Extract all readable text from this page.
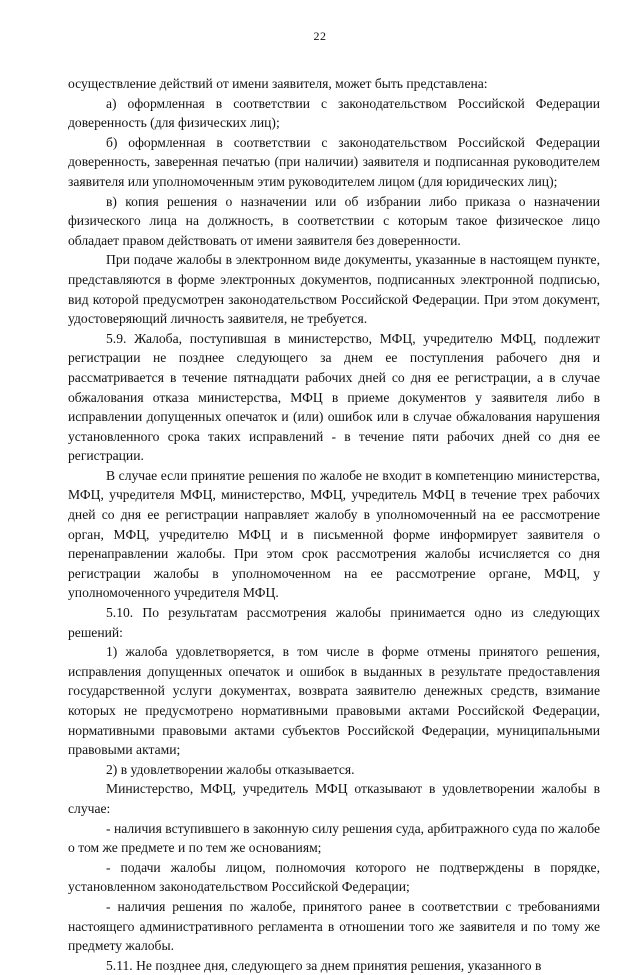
22

осуществление действий от имени заявителя, может быть представлена:

а) оформленная в соответствии с законодательством Российской Федерации доверенность (для физических лиц);

б) оформленная в соответствии с законодательством Российской Федерации доверенность, заверенная печатью (при наличии) заявителя и подписанная руководителем заявителя или уполномоченным этим руководителем лицом (для юридических лиц);

в) копия решения о назначении или об избрании либо приказа о назначении физического лица на должность, в соответствии с которым такое физическое лицо обладает правом действовать от имени заявителя без доверенности.

При подаче жалобы в электронном виде документы, указанные в настоящем пункте, представляются в форме электронных документов, подписанных электронной подписью, вид которой предусмотрен законодательством Российской Федерации. При этом документ, удостоверяющий личность заявителя, не требуется.

5.9. Жалоба, поступившая в министерство, МФЦ, учредителю МФЦ, подлежит регистрации не позднее следующего за днем ее поступления рабочего дня и рассматривается в течение пятнадцати рабочих дней со дня ее регистрации, а в случае обжалования отказа министерства, МФЦ в приеме документов у заявителя либо в исправлении допущенных опечаток и (или) ошибок или в случае обжалования нарушения установленного срока таких исправлений - в течение пяти рабочих дней со дня ее регистрации.

В случае если принятие решения по жалобе не входит в компетенцию министерства, МФЦ, учредителя МФЦ, министерство, МФЦ, учредитель МФЦ в течение трех рабочих дней со дня ее регистрации направляет жалобу в уполномоченный на ее рассмотрение орган, МФЦ, учредителю МФЦ и в письменной форме информирует заявителя о перенаправлении жалобы. При этом срок рассмотрения жалобы исчисляется со дня регистрации жалобы в уполномоченном на ее рассмотрение органе, МФЦ, у уполномоченного учредителя МФЦ.

5.10. По результатам рассмотрения жалобы принимается одно из следующих решений:

1) жалоба удовлетворяется, в том числе в форме отмены принятого решения, исправления допущенных опечаток и ошибок в выданных в результате предоставления государственной услуги документах, возврата заявителю денежных средств, взимание которых не предусмотрено нормативными правовыми актами Российской Федерации, нормативными правовыми актами субъектов Российской Федерации, муниципальными правовыми актами;

2) в удовлетворении жалобы отказывается.

Министерство, МФЦ, учредитель МФЦ отказывают в удовлетворении жалобы в случае:

- наличия вступившего в законную силу решения суда, арбитражного суда по жалобе о том же предмете и по тем же основаниям;

- подачи жалобы лицом, полномочия которого не подтверждены в порядке, установленном законодательством Российской Федерации;

- наличия решения по жалобе, принятого ранее в соответствии с требованиями настоящего административного регламента в отношении того же заявителя и по тому же предмету жалобы.

5.11. Не позднее дня, следующего за днем принятия решения, указанного в
